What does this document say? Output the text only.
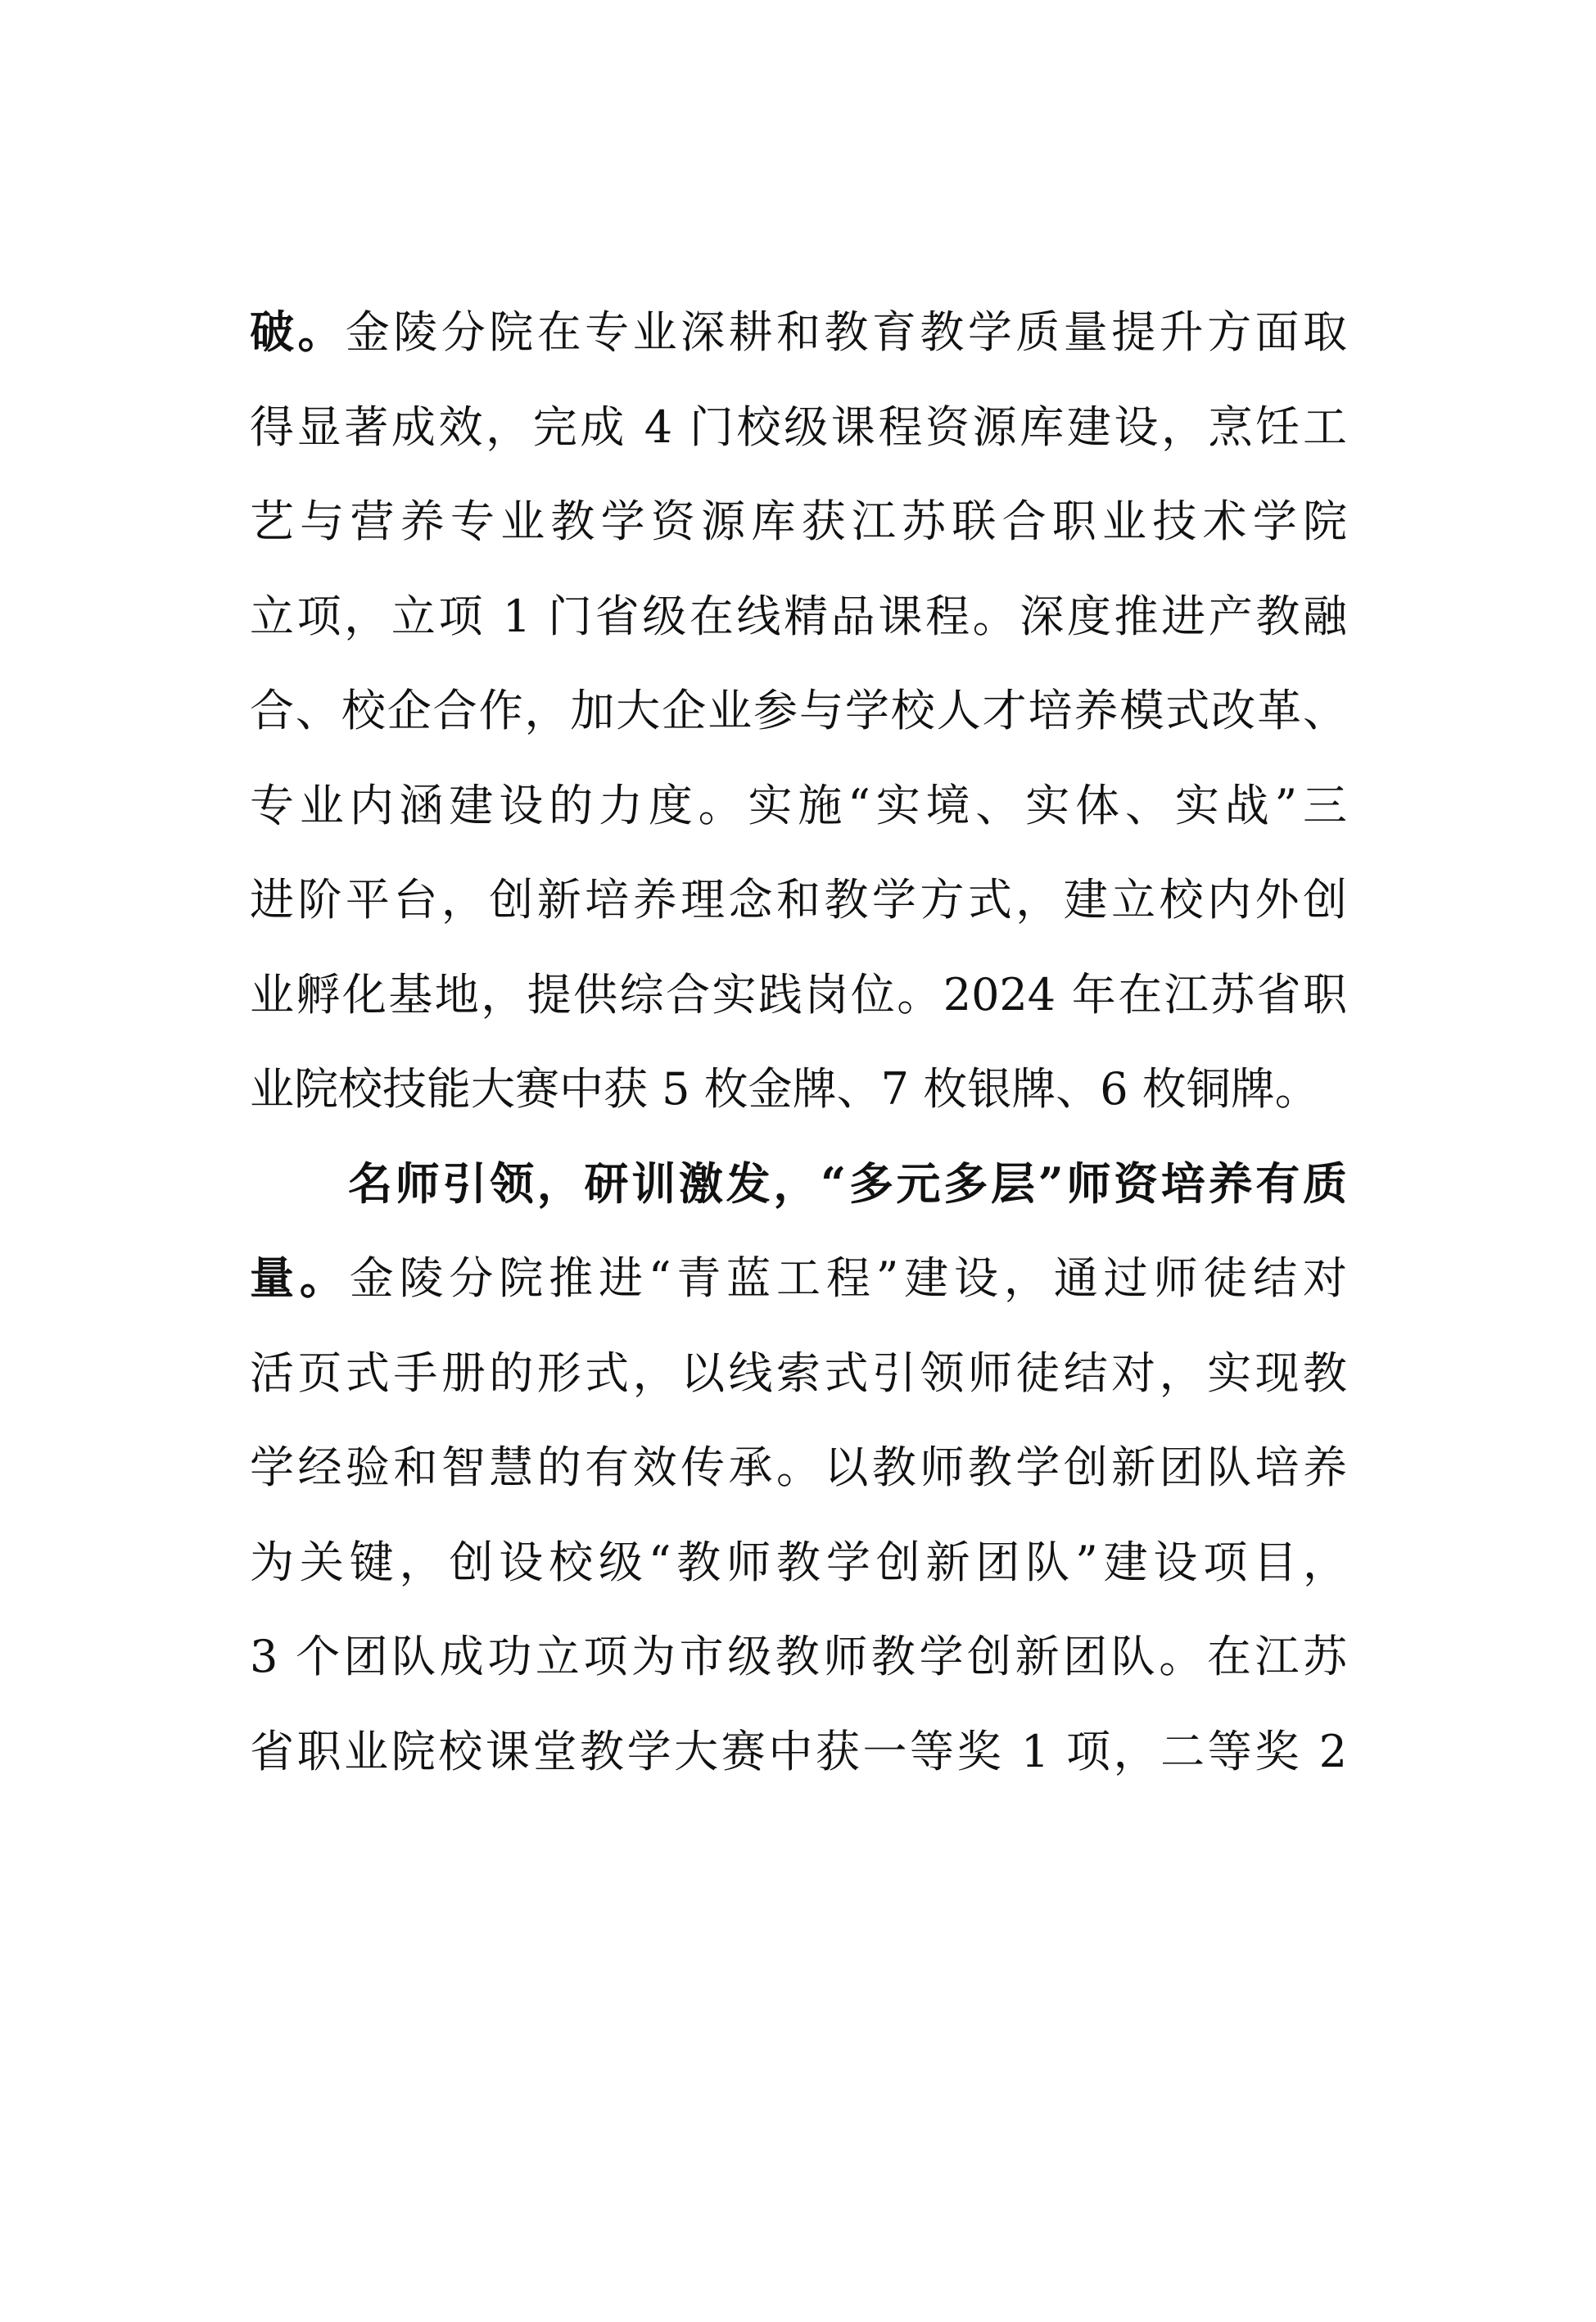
破。金陵分院在专业深耕和教育教学质量提升方面取
得显著成效，完成 4 门校级课程资源库建设，烹饪工
艺与营养专业教学资源库获江苏联合职业技术学院
立项，立项 1 门省级在线精品课程。深度推进产教融
合、校企合作，加大企业参与学校人才培养模式改革、
专业内涵建设的力度。实施“实境、实体、实战”三
进阶平台，创新培养理念和教学方式，建立校内外创
业孵化基地，提供综合实践岗位。2024 年在江苏省职
业院校技能大赛中获 5 枚金牌、7 枚银牌、6 枚铜牌。
名师引领，研训激发，“多元多层”师资培养有质
量。金陵分院推进“青蓝工程”建设，通过师徒结对
活页式手册的形式，以线索式引领师徒结对，实现教
学经验和智慧的有效传承。以教师教学创新团队培养
为关键，创设校级“教师教学创新团队”建设项目，
3 个团队成功立项为市级教师教学创新团队。在江苏
省职业院校课堂教学大赛中获一等奖 1 项，二等奖 2
